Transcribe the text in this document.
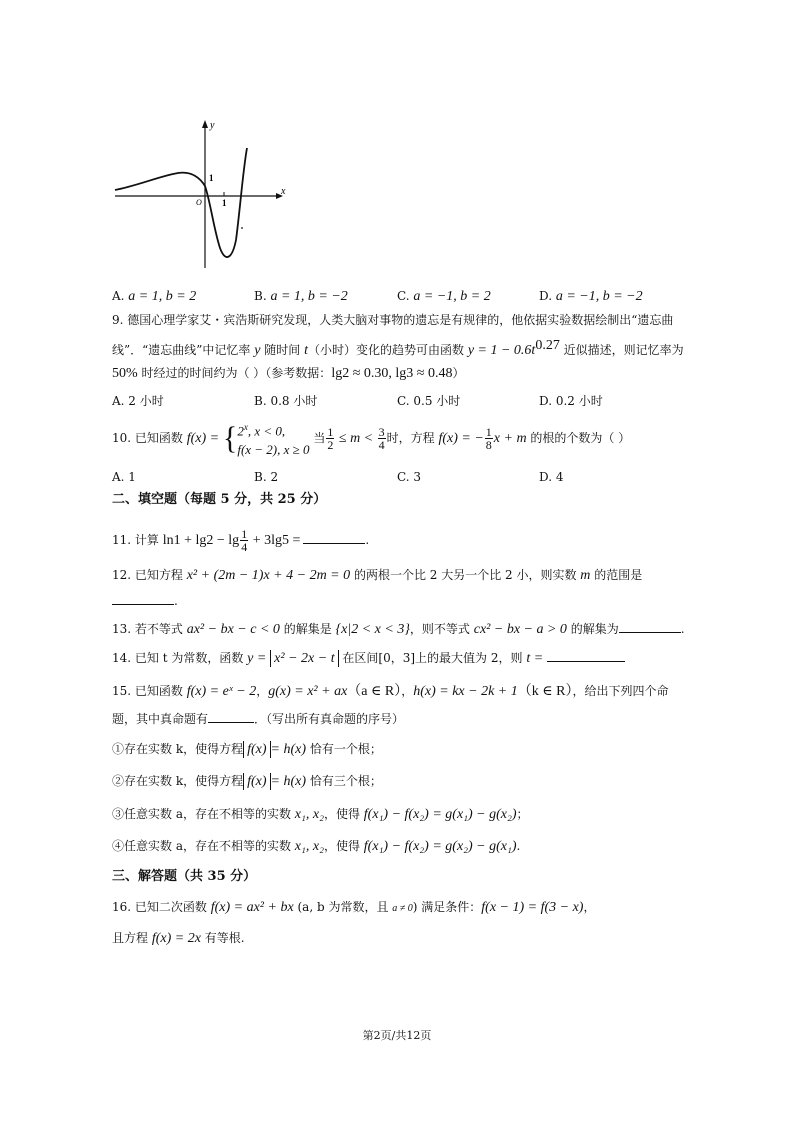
y
x
O
1
1
A. a = 1, b = 2	B. a = 1, b = −2	C. a = −1, b = 2	D. a = −1, b = −2
9. 德国心理学家艾・宾浩斯研究发现，人类大脑对事物的遗忘是有规律的，他依据实验数据绘制出“遗忘曲
线”．“遗忘曲线”中记忆率 y 随时间 t（小时）变化的趋势可由函数 $y = 1 - 0.6t^{0.27}$ 近似描述，则记忆率为
50% 时经过的时间约为（ ）（参考数据：lg2 ≈ 0.30, lg3 ≈ 0.48）
A. 2 小时	B. 0.8 小时	C. 0.5 小时	D. 0.2 小时
10. 已知函数 f(x) = { 2$^x$, x < 0,
f(x − 2), x ≥ 0
当 $\frac{1}{2} \le m < \frac{3}{4}$ 时，方程 f(x) = − $\frac{1}{8}$ x + m 的根的个数为（ ）
A. 1	B. 2	C. 3	D. 4
二、填空题（每题 5 分，共 25 分）
11. 计算 $\ln 1 + \lg 2 - \lg \frac{1}{4} + 3\lg 5$ =	.
12. 已知方程 x² + (2m − 1)x + 4 − 2m = 0 的两根一个比 2 大另一个比 2 小，则实数 m 的范围是
.
13. 若不等式 ax² − bx − c < 0 的解集是 {x|2 < x < 3}，则不等式 cx² − bx − a > 0 的解集为	.
14. 已知 t 为常数，函数 y = x² − 2x − t 在区间[0，3]上的最大值为 2，则 t =
15. 已知函数 f(x) = eˣ − 2，g(x) = x² + ax（a ∈ R），h(x) = kx − 2k + 1（k ∈ R），给出下列四个命
题，其中真命题有	．（写出所有真命题的序号）
①存在实数 k，使得方程 f(x) = h(x) 恰有一个根；
②存在实数 k，使得方程 f(x) = h(x) 恰有三个根；
③任意实数 a，存在不相等的实数 x₁, x₂，使得 f(x₁) − f(x₂) = g(x₁) − g(x₂)；
④任意实数 a，存在不相等的实数 x₁, x₂，使得 f(x₁) − f(x₂) = g(x₂) − g(x₁).
三、解答题（共 35 分）
16. 已知二次函数 f(x) = ax² + bx (a, b 为常数，且 a ≠ 0) 满足条件：f(x − 1) = f(3 − x)，
且方程 f(x) = 2x 有等根.
第2页/共12页
